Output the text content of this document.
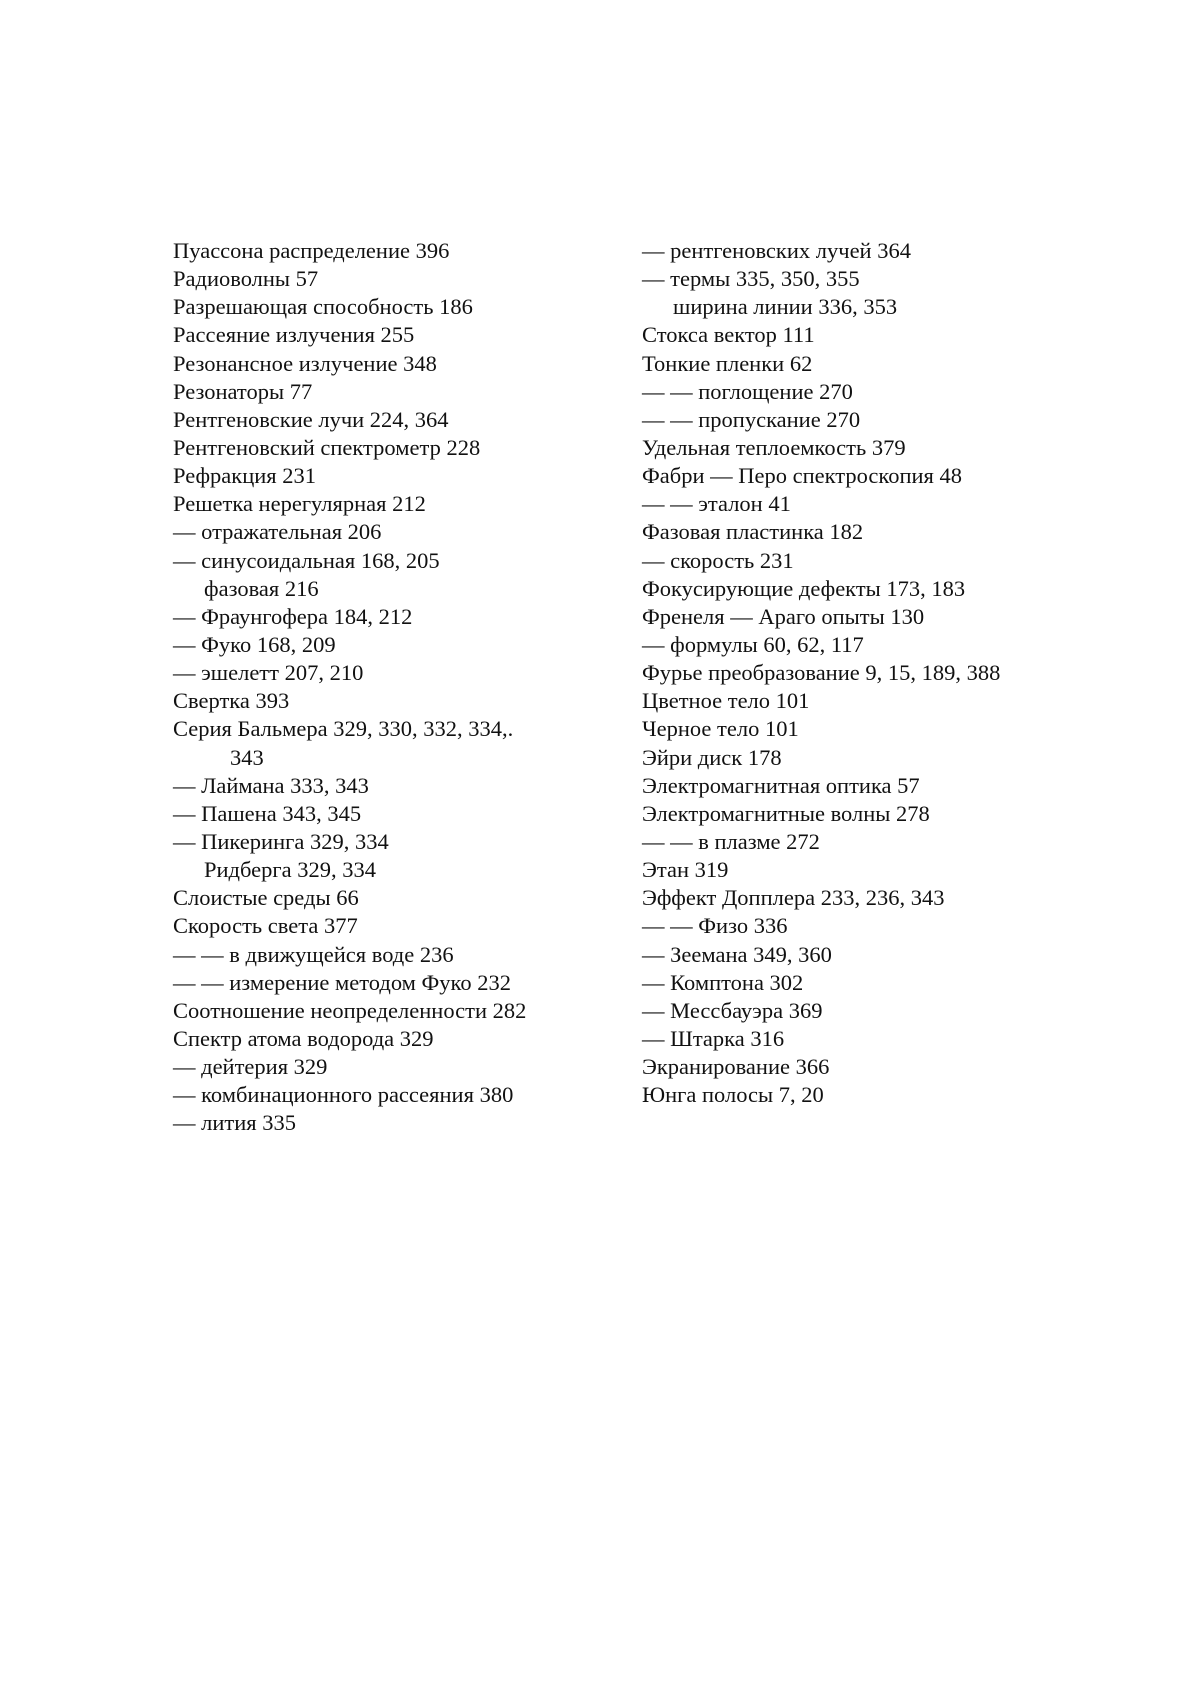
Пуассона распределение 396
Радиоволны 57
Разрешающая способность 186
Рассеяние излучения 255
Резонансное излучение 348
Резонаторы 77
Рентгеновские лучи 224, 364
Рентгеновский спектрометр 228
Рефракция 231
Решетка нерегулярная 212
— отражательная 206
— синусоидальная 168, 205
фазовая 216
— Фраунгофера 184, 212
— Фуко 168, 209
— эшелетт 207, 210
Свертка 393
Серия Бальмера 329, 330, 332, 334,.
343
— Лаймана 333, 343
— Пашена 343, 345
— Пикеринга 329, 334
Ридберга 329, 334
Слоистые среды 66
Скорость света 377
— — в движущейся воде 236
— — измерение методом Фуко 232
Соотношение неопределенности 282
Спектр атома водорода 329
— дейтерия 329
— комбинационного рассеяния 380
— лития 335
— рентгеновских лучей 364
— термы 335, 350, 355
ширина линии 336, 353
Стокса вектор 111
Тонкие пленки 62
— — поглощение 270
— — пропускание 270
Удельная теплоемкость 379
Фабри — Перо спектроскопия 48
— — эталон 41
Фазовая пластинка 182
— скорость 231
Фокусирующие дефекты 173, 183
Френеля — Араго опыты 130
— формулы 60, 62, 117
Фурье преобразование 9, 15, 189, 388
Цветное тело 101
Черное тело 101
Эйри диск 178
Электромагнитная оптика 57
Электромагнитные волны 278
— — в плазме 272
Этан 319
Эффект Допплера 233, 236, 343
— — Физо 336
— Зеемана 349, 360
— Комптона 302
— Мессбауэра 369
— Штарка 316
Экранирование 366
Юнга полосы 7, 20
